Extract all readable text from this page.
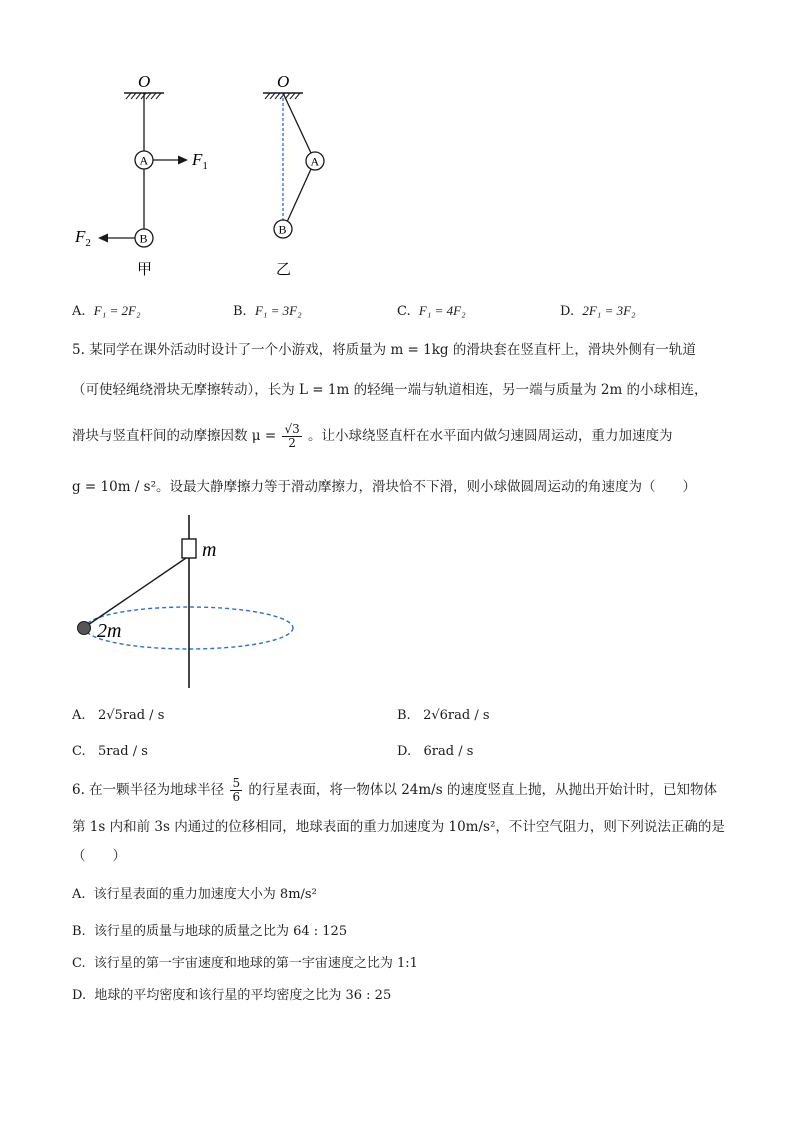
O
A	$F_1$
B
$F_2$
甲
O
A
B
乙
A. F₁ = 2F₂	B. F₁ = 3F₂	C. F₁ = 4F₂	D. 2F₁ = 3F₂
5. 某同学在课外活动时设计了一个小游戏，将质量为 m = 1kg 的滑块套在竖直杆上，滑块外侧有一轨道
（可使轻绳绕滑块无摩擦转动），长为 L = 1m 的轻绳一端与轨道相连，另一端与质量为 2m 的小球相连，
滑块与竖直杆间的动摩擦因数 $\mu = \frac{√3}{2}$ 。让小球绕竖直杆在水平面内做匀速圆周运动，重力加速度为
g = 10m / s²。设最大静摩擦力等于滑动摩擦力，滑块恰不下滑，则小球做圆周运动的角速度为（　　）
m
2m
A. 2√5rad / s	B. 2√6rad / s
C. 5rad / s	D. 6rad / s
6. 在一颗半径为地球半径 $\frac{5}{6}$ 的行星表面，将一物体以 24m/s 的速度竖直上抛，从抛出开始计时，已知物体
第 1s 内和前 3s 内通过的位移相同，地球表面的重力加速度为 10m/s²，不计空气阻力，则下列说法正确的是
（　　）
A. 该行星表面的重力加速度大小为 8m/s²
B. 该行星的质量与地球的质量之比为 64 : 125
C. 该行星的第一宇宙速度和地球的第一宇宙速度之比为 1:1
D. 地球的平均密度和该行星的平均密度之比为 36 : 25
